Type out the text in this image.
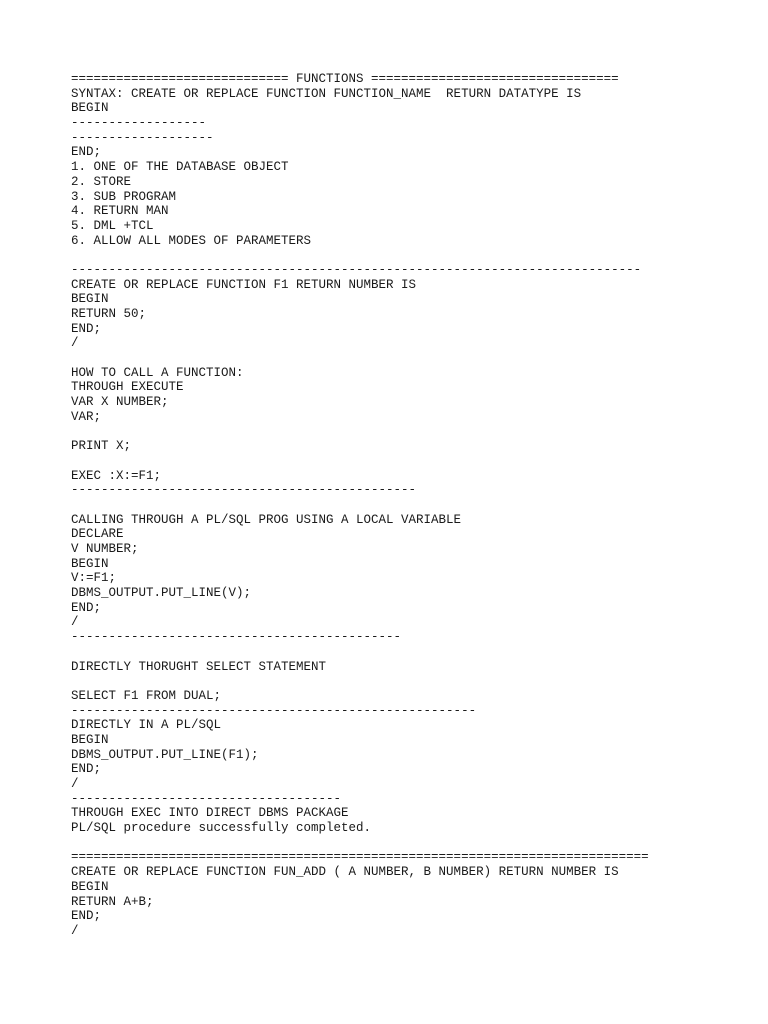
============================= FUNCTIONS =================================
SYNTAX: CREATE OR REPLACE FUNCTION FUNCTION_NAME  RETURN DATATYPE IS
BEGIN
------------------
-------------------
END;
1. ONE OF THE DATABASE OBJECT
2. STORE
3. SUB PROGRAM
4. RETURN MAN
5. DML +TCL
6. ALLOW ALL MODES OF PARAMETERS
----------------------------------------------------------------------------
CREATE OR REPLACE FUNCTION F1 RETURN NUMBER IS
BEGIN
RETURN 50;
END;
/
HOW TO CALL A FUNCTION:
THROUGH EXECUTE
VAR X NUMBER;
VAR;
PRINT X;
EXEC :X:=F1;
----------------------------------------------
CALLING THROUGH A PL/SQL PROG USING A LOCAL VARIABLE
DECLARE
V NUMBER;
BEGIN
V:=F1;
DBMS_OUTPUT.PUT_LINE(V);
END;
/
--------------------------------------------
DIRECTLY THORUGHT SELECT STATEMENT
SELECT F1 FROM DUAL;
------------------------------------------------------
DIRECTLY IN A PL/SQL
BEGIN
DBMS_OUTPUT.PUT_LINE(F1);
END;
/
------------------------------------
THROUGH EXEC INTO DIRECT DBMS PACKAGE
PL/SQL procedure successfully completed.
=============================================================================
CREATE OR REPLACE FUNCTION FUN_ADD ( A NUMBER, B NUMBER) RETURN NUMBER IS
BEGIN
RETURN A+B;
END;
/
